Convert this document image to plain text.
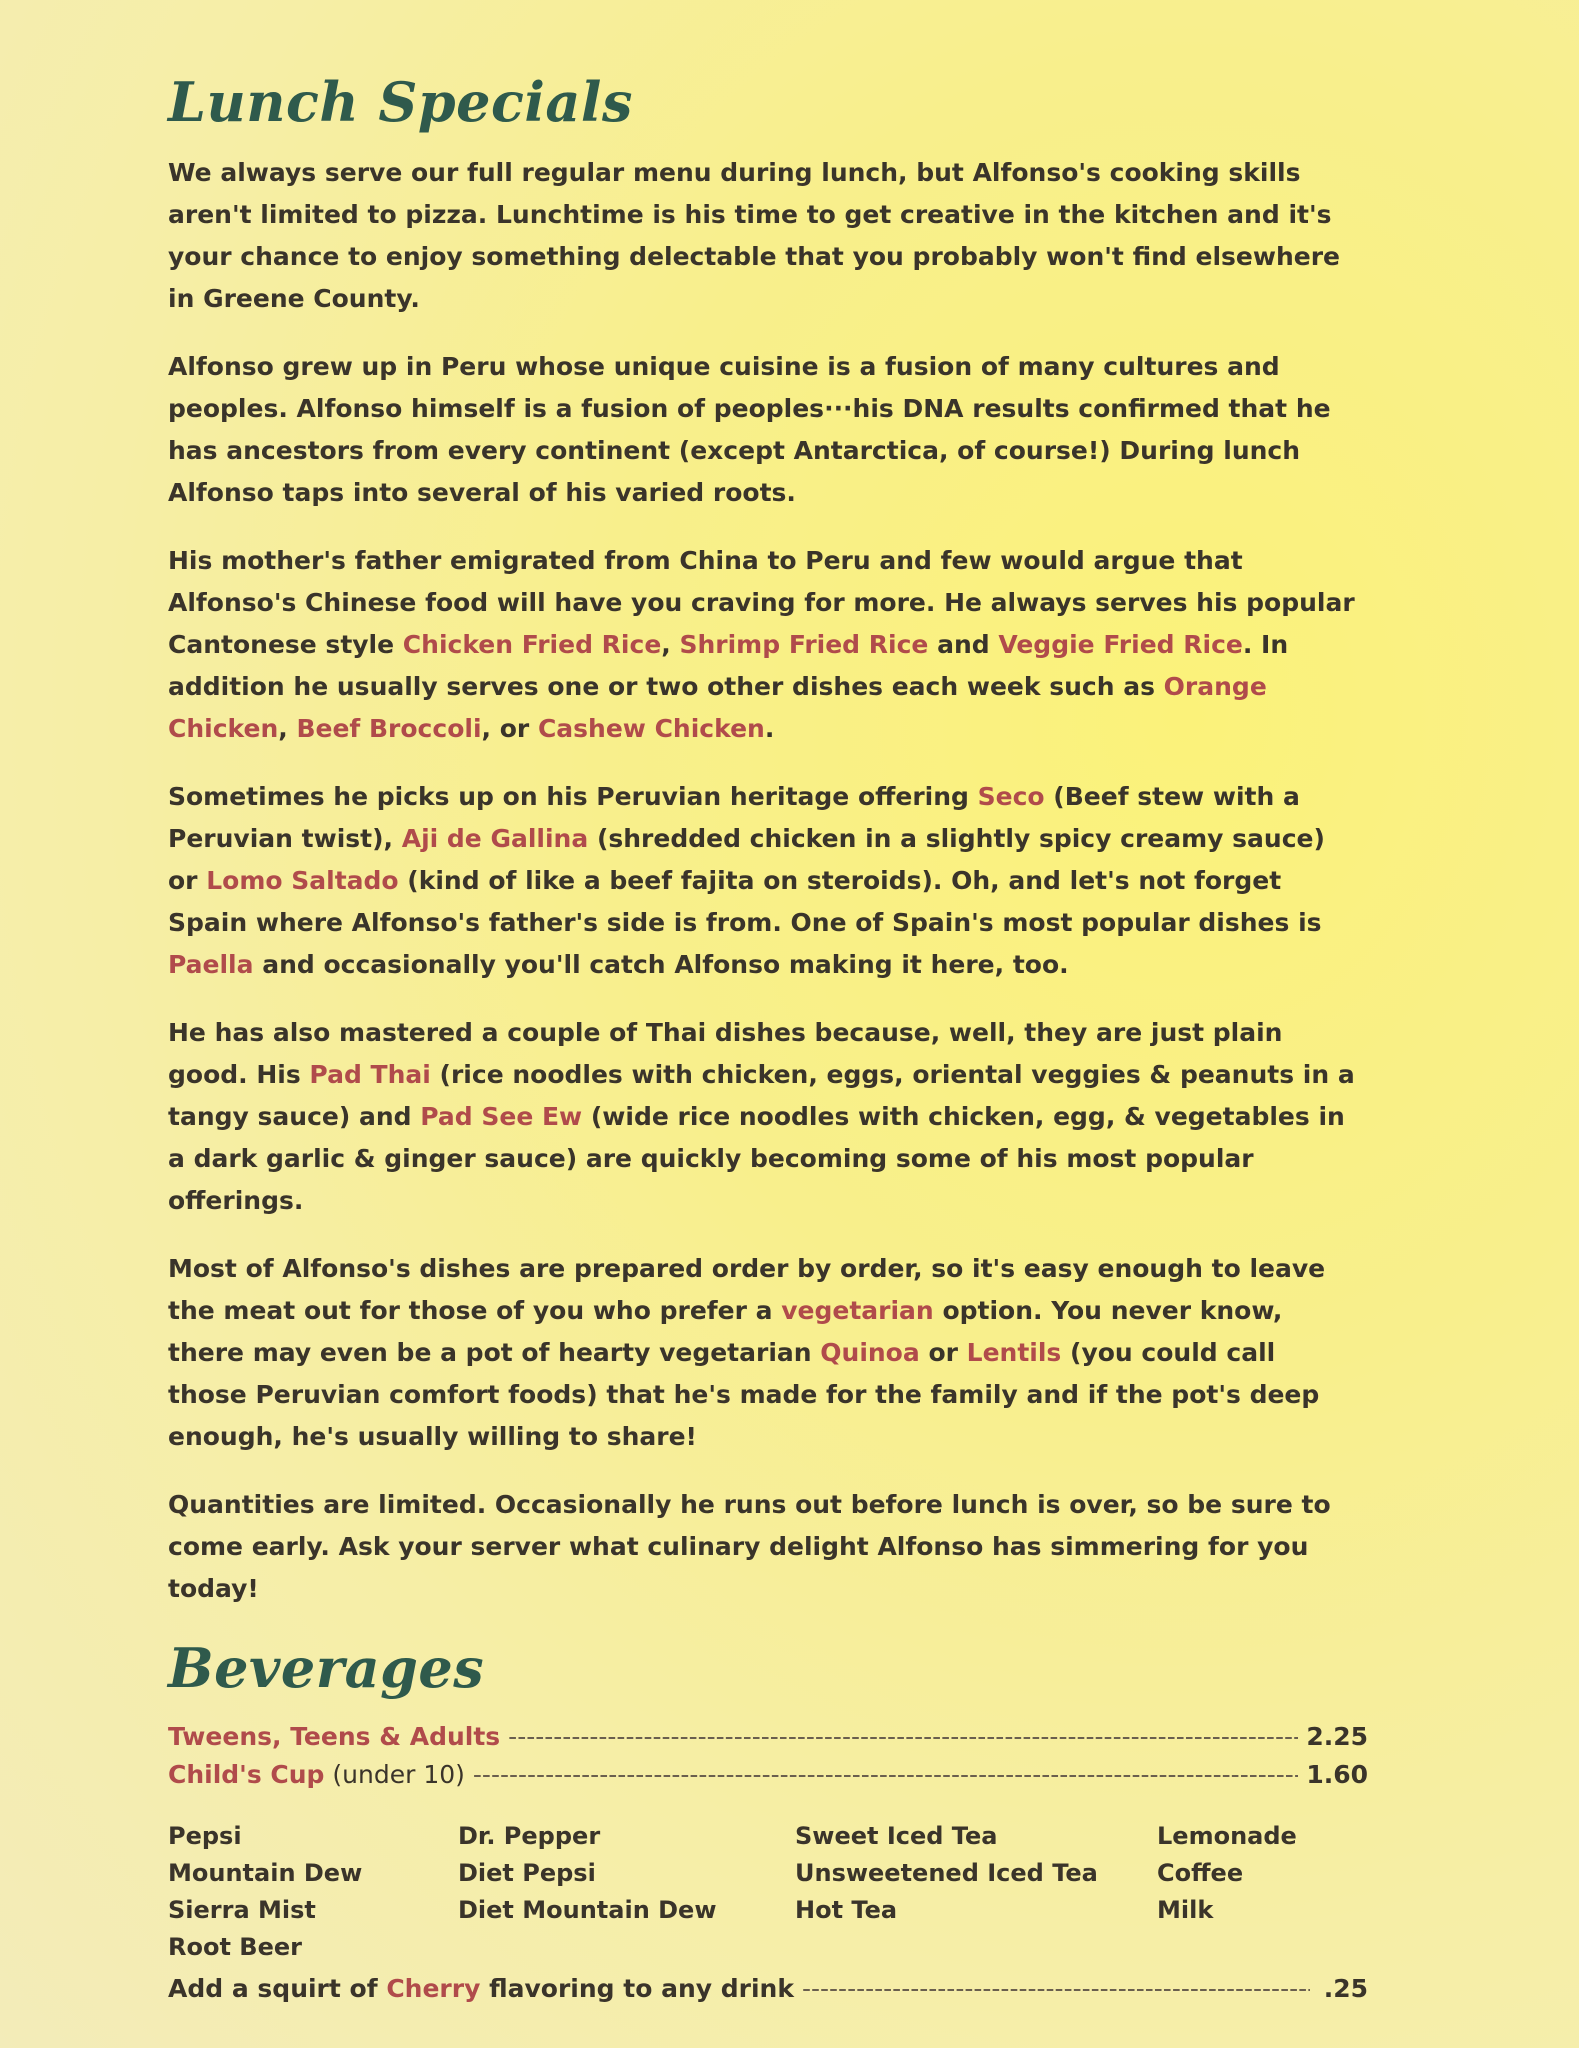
Lunch Specials

We always serve our full regular menu during lunch, but Alfonso's cooking skills aren't limited to pizza. Lunchtime is his time to get creative in the kitchen and it's your chance to enjoy something delectable that you probably won't find elsewhere in Greene County.

Alfonso grew up in Peru whose unique cuisine is a fusion of many cultures and peoples. Alfonso himself is a fusion of peoples···his DNA results confirmed that he has ancestors from every continent (except Antarctica, of course!) During lunch Alfonso taps into several of his varied roots.

His mother's father emigrated from China to Peru and few would argue that Alfonso's Chinese food will have you craving for more. He always serves his popular Cantonese style Chicken Fried Rice, Shrimp Fried Rice and Veggie Fried Rice. In addition he usually serves one or two other dishes each week such as Orange Chicken, Beef Broccoli, or Cashew Chicken.

Sometimes he picks up on his Peruvian heritage offering Seco (Beef stew with a Peruvian twist), Aji de Gallina (shredded chicken in a slightly spicy creamy sauce) or Lomo Saltado (kind of like a beef fajita on steroids). Oh, and let's not forget Spain where Alfonso's father's side is from. One of Spain's most popular dishes is Paella and occasionally you'll catch Alfonso making it here, too.

He has also mastered a couple of Thai dishes because, well, they are just plain good. His Pad Thai (rice noodles with chicken, eggs, oriental veggies & peanuts in a tangy sauce) and Pad See Ew (wide rice noodles with chicken, egg, & vegetables in a dark garlic & ginger sauce) are quickly becoming some of his most popular offerings.

Most of Alfonso's dishes are prepared order by order, so it's easy enough to leave the meat out for those of you who prefer a vegetarian option. You never know, there may even be a pot of hearty vegetarian Quinoa or Lentils (you could call those Peruvian comfort foods) that he's made for the family and if the pot's deep enough, he's usually willing to share!

Quantities are limited. Occasionally he runs out before lunch is over, so be sure to come early. Ask your server what culinary delight Alfonso has simmering for you today!

Beverages
Tweens, Teens & Adults -----	2.25
Child's Cup (under 10) -----	1.60
Pepsi	Dr. Pepper	Sweet Iced Tea	Lemonade
Mountain Dew	Diet Pepsi	Unsweetened Iced Tea	Coffee
Sierra Mist	Diet Mountain Dew	Hot Tea	Milk
Root Beer
Add a squirt of Cherry flavoring to any drink -----	.25
